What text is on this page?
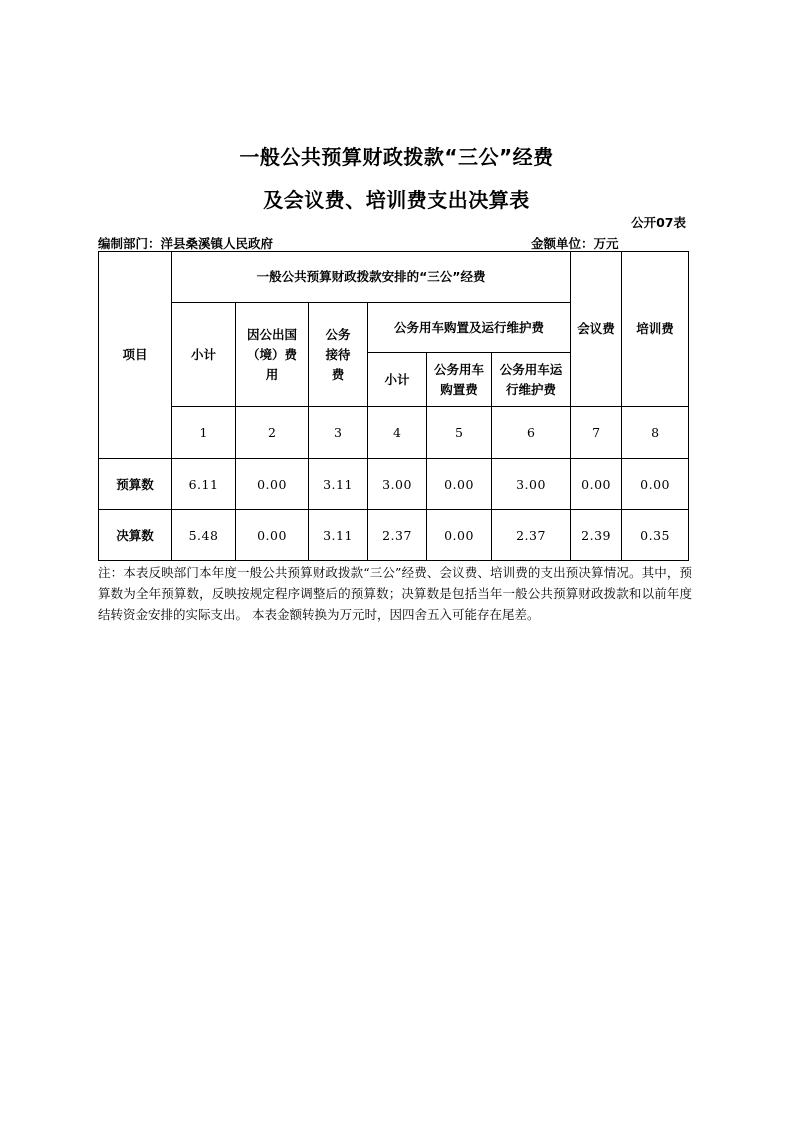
一般公共预算财政拨款“三公”经费
及会议费、培训费支出决算表
公开07表
编制部门：洋县桑溪镇人民政府	金额单位：万元
项目	一般公共预算财政拨款安排的“三公”经费						会议费	培训费
	小计	因公出国（境）费用	公务接待费	公务用车购置及运行维护费				
				小计	公务用车购置费	公务用车运行维护费		
	1	2	3	4	5	6	7	8
预算数	6.11	0.00	3.11	3.00	0.00	3.00	0.00	0.00
决算数	5.48	0.00	3.11	2.37	0.00	2.37	2.39	0.35
注：本表反映部门本年度一般公共预算财政拨款“三公”经费、会议费、培训费的支出预决算情况。其中，预算数为全年预算数，反映按规定程序调整后的预算数；决算数是包括当年一般公共预算财政拨款和以前年度结转资金安排的实际支出。 本表金额转换为万元时，因四舍五入可能存在尾差。
